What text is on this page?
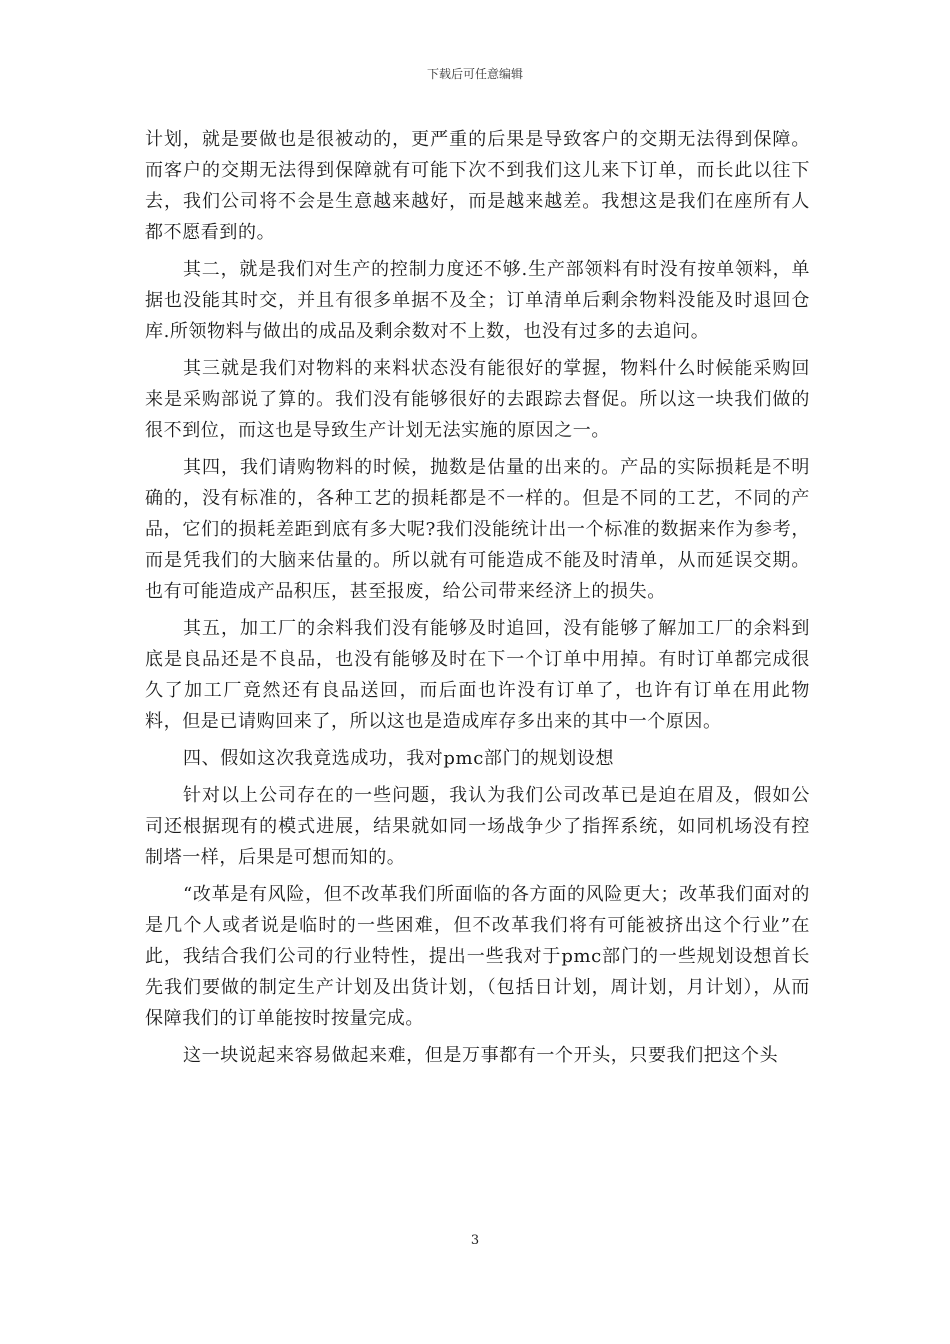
下载后可任意编辑

计划，就是要做也是很被动的，更严重的后果是导致客户的交期无法得到保障。而客户的交期无法得到保障就有可能下次不到我们这儿来下订单，而长此以往下去，我们公司将不会是生意越来越好，而是越来越差。我想这是我们在座所有人都不愿看到的。

其二，就是我们对生产的控制力度还不够.生产部领料有时没有按单领料，单据也没能其时交，并且有很多单据不及全；订单清单后剩余物料没能及时退回仓库.所领物料与做出的成品及剩余数对不上数，也没有过多的去追问。

其三就是我们对物料的来料状态没有能很好的掌握，物料什么时候能采购回来是采购部说了算的。我们没有能够很好的去跟踪去督促。所以这一块我们做的很不到位，而这也是导致生产计划无法实施的原因之一。

其四，我们请购物料的时候，抛数是估量的出来的。产品的实际损耗是不明确的，没有标准的，各种工艺的损耗都是不一样的。但是不同的工艺，不同的产品，它们的损耗差距到底有多大呢?我们没能统计出一个标准的数据来作为参考，而是凭我们的大脑来估量的。所以就有可能造成不能及时清单，从而延误交期。也有可能造成产品积压，甚至报废，给公司带来经济上的损失。

其五，加工厂的余料我们没有能够及时追回，没有能够了解加工厂的余料到底是良品还是不良品，也没有能够及时在下一个订单中用掉。有时订单都完成很久了加工厂竟然还有良品送回，而后面也许没有订单了，也许有订单在用此物料，但是已请购回来了，所以这也是造成库存多出来的其中一个原因。

四、假如这次我竟选成功，我对pmc部门的规划设想

针对以上公司存在的一些问题，我认为我们公司改革已是迫在眉及，假如公司还根据现有的模式进展，结果就如同一场战争少了指挥系统，如同机场没有控制塔一样，后果是可想而知的。

“改革是有风险，但不改革我们所面临的各方面的风险更大；改革我们面对的是几个人或者说是临时的一些困难，但不改革我们将有可能被挤出这个行业”在此，我结合我们公司的行业特性，提出一些我对于pmc部门的一些规划设想首长先我们要做的制定生产计划及出货计划，（包括日计划，周计划，月计划），从而保障我们的订单能按时按量完成。

这一块说起来容易做起来难，但是万事都有一个开头，只要我们把这个头

3
